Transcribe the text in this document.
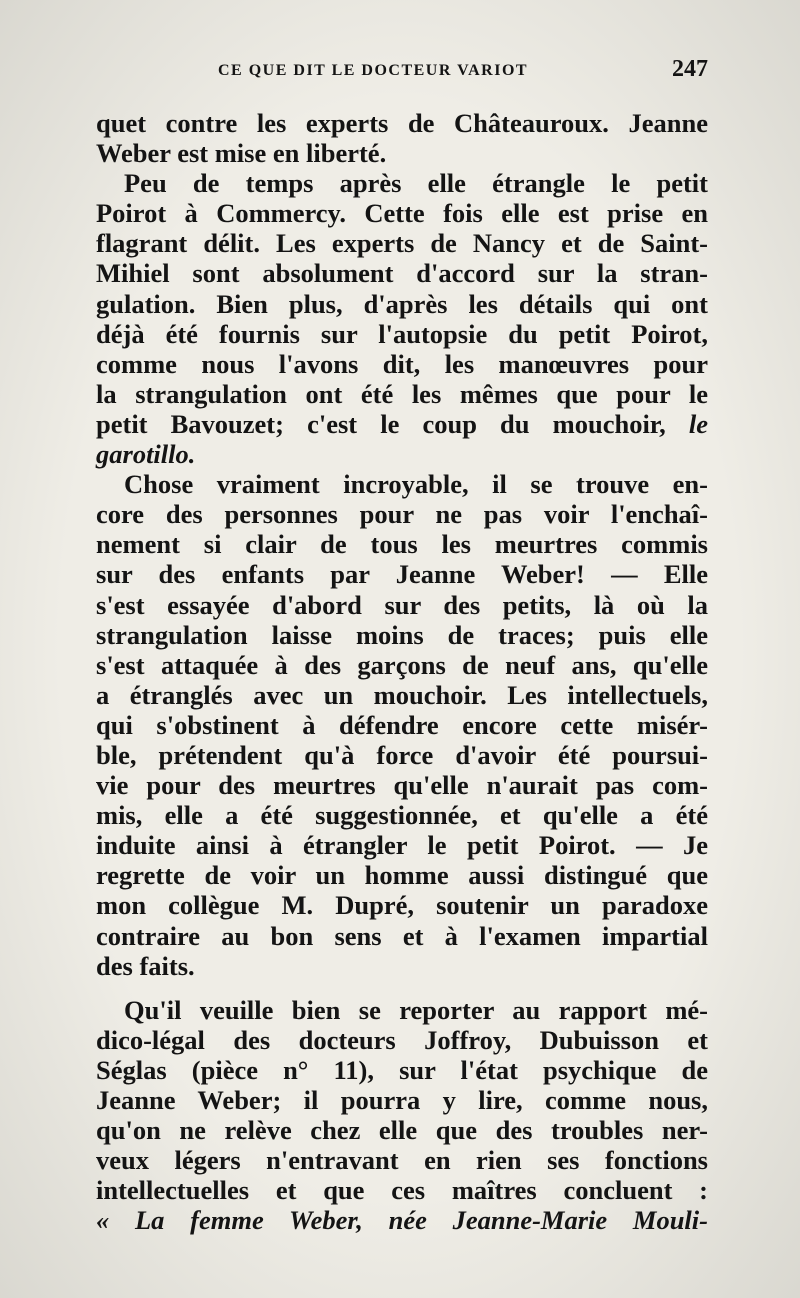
CE QUE DIT LE DOCTEUR VARIOT	247
quet contre les experts de Châteauroux. Jeanne
Weber est mise en liberté.
Peu de temps après elle étrangle le petit
Poirot à Commercy. Cette fois elle est prise en
flagrant délit. Les experts de Nancy et de Saint-
Mihiel sont absolument d'accord sur la stran-
gulation. Bien plus, d'après les détails qui ont
déjà été fournis sur l'autopsie du petit Poirot,
comme nous l'avons dit, les manœuvres pour
la strangulation ont été les mêmes que pour le
petit Bavouzet; c'est le coup du mouchoir, le
garotillo.
Chose vraiment incroyable, il se trouve en-
core des personnes pour ne pas voir l'enchaî-
nement si clair de tous les meurtres commis
sur des enfants par Jeanne Weber! — Elle
s'est essayée d'abord sur des petits, là où la
strangulation laisse moins de traces; puis elle
s'est attaquée à des garçons de neuf ans, qu'elle
a étranglés avec un mouchoir. Les intellectuels,
qui s'obstinent à défendre encore cette misér-
ble, prétendent qu'à force d'avoir été poursui-
vie pour des meurtres qu'elle n'aurait pas com-
mis, elle a été suggestionnée, et qu'elle a été
induite ainsi à étrangler le petit Poirot. — Je
regrette de voir un homme aussi distingué que
mon collègue M. Dupré, soutenir un paradoxe
contraire au bon sens et à l'examen impartial
des faits.
Qu'il veuille bien se reporter au rapport mé-
dico-légal des docteurs Joffroy, Dubuisson et
Séglas (pièce n° 11), sur l'état psychique de
Jeanne Weber; il pourra y lire, comme nous,
qu'on ne relève chez elle que des troubles ner-
veux légers n'entravant en rien ses fonctions
intellectuelles et que ces maîtres concluent :
« La femme Weber, née Jeanne-Marie Mouli-
